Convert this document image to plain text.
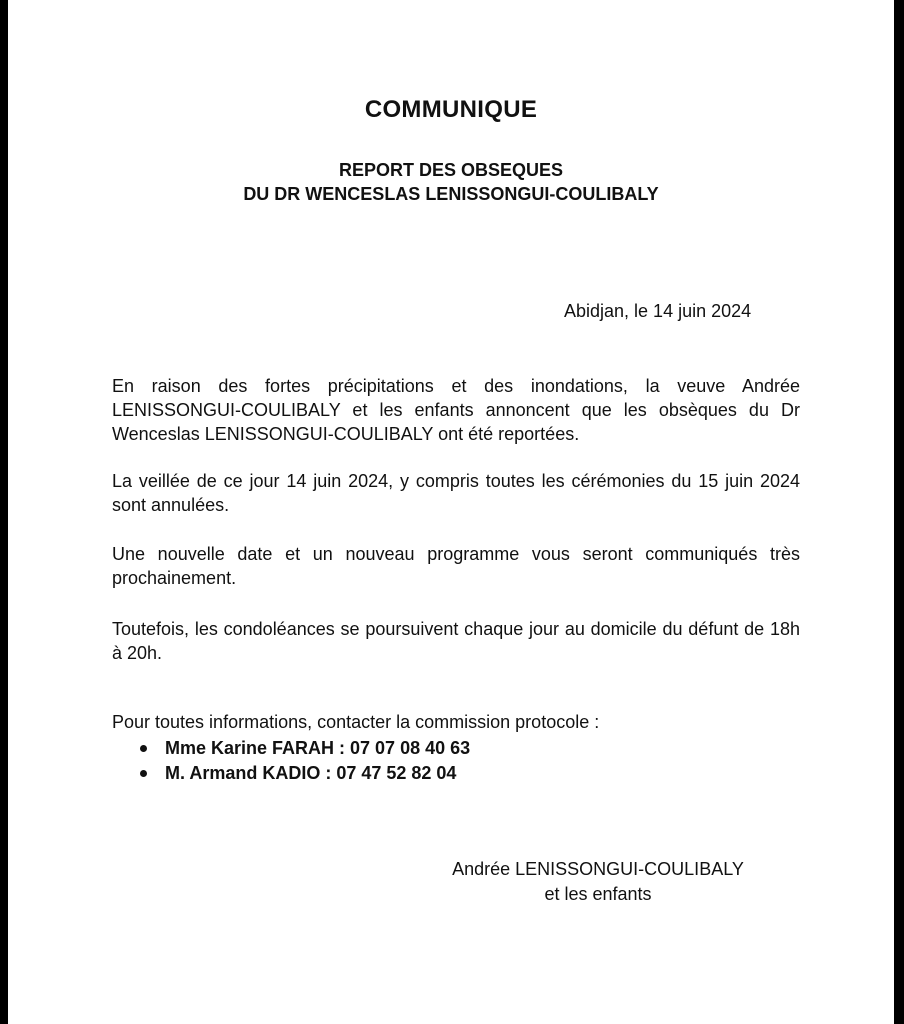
COMMUNIQUE
REPORT DES OBSEQUES
DU DR WENCESLAS LENISSONGUI-COULIBALY
Abidjan, le 14 juin 2024

En raison des fortes précipitations et des inondations, la veuve Andrée LENISSONGUI-COULIBALY et les enfants annoncent que les obsèques du Dr Wenceslas LENISSONGUI-COULIBALY ont été reportées.

La veillée de ce jour 14 juin 2024, y compris toutes les cérémonies du 15 juin 2024 sont annulées.

Une nouvelle date et un nouveau programme vous seront communiqués très prochainement.

Toutefois, les condoléances se poursuivent chaque jour au domicile du défunt de 18h à 20h.

Pour toutes informations, contacter la commission protocole :
Mme Karine FARAH : 07 07 08 40 63
M. Armand KADIO : 07 47 52 82 04
Andrée LENISSONGUI-COULIBALY
et les enfants
